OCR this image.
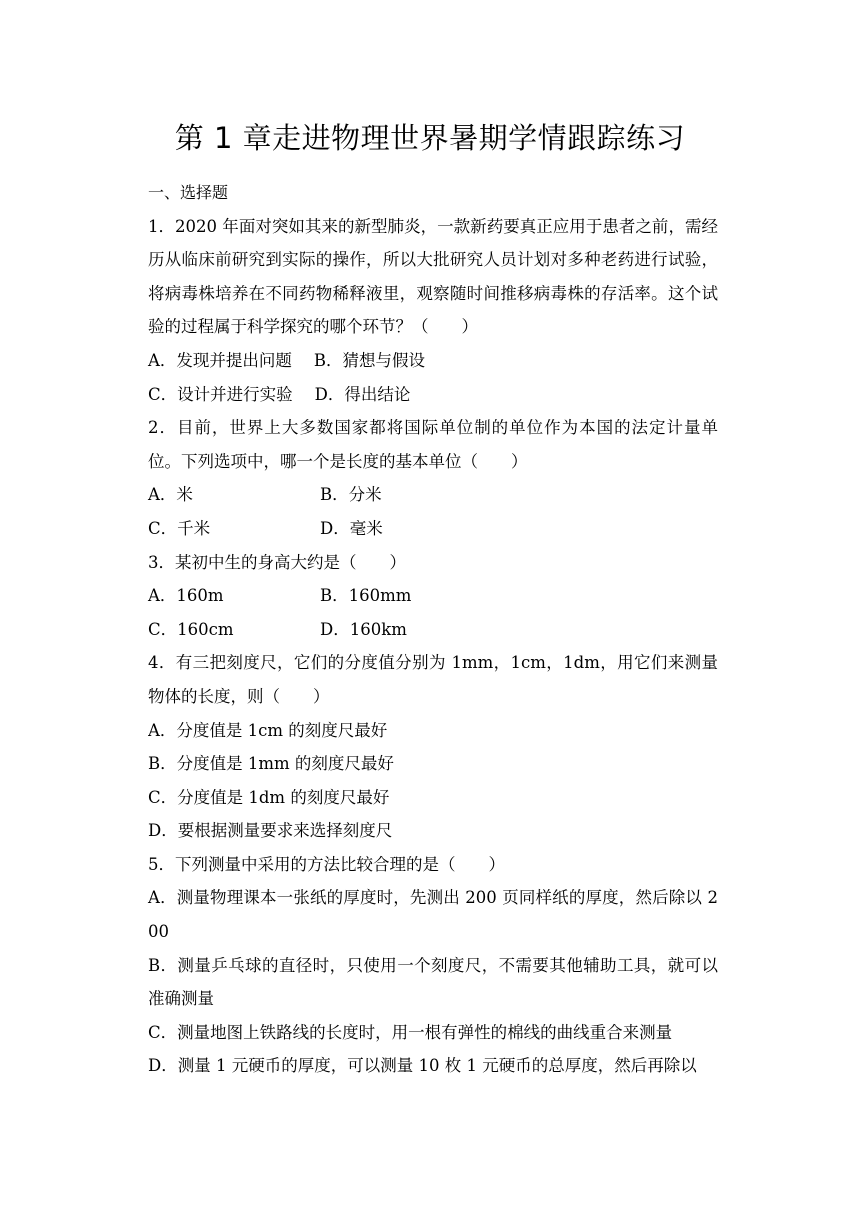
第 1 章走进物理世界暑期学情跟踪练习
一、选择题
1．2020 年面对突如其来的新型肺炎，一款新药要真正应用于患者之前，需经历从临床前研究到实际的操作，所以大批研究人员计划对多种老药进行试验，将病毒株培养在不同药物稀释液里，观察随时间推移病毒株的存活率。这个试验的过程属于科学探究的哪个环节？（　　）
A．发现并提出问题 B．猜想与假设
C．设计并进行实验 D．得出结论
2．目前，世界上大多数国家都将国际单位制的单位作为本国的法定计量单位。下列选项中，哪一个是长度的基本单位（　　）
A．米	B．分米
C．千米	D．毫米
3．某初中生的身高大约是（　　）
A．160m	B．160mm
C．160cm	D．160km
4．有三把刻度尺，它们的分度值分别为 1mm，1cm，1dm，用它们来测量物体的长度，则（　　）
A．分度值是 1cm 的刻度尺最好
B．分度值是 1mm 的刻度尺最好
C．分度值是 1dm 的刻度尺最好
D．要根据测量要求来选择刻度尺
5．下列测量中采用的方法比较合理的是（　　）
A．测量物理课本一张纸的厚度时，先测出 200 页同样纸的厚度，然后除以 200
B．测量乒乓球的直径时，只使用一个刻度尺，不需要其他辅助工具，就可以准确测量
C．测量地图上铁路线的长度时，用一根有弹性的棉线的曲线重合来测量
D．测量 1 元硬币的厚度，可以测量 10 枚 1 元硬币的总厚度，然后再除以
